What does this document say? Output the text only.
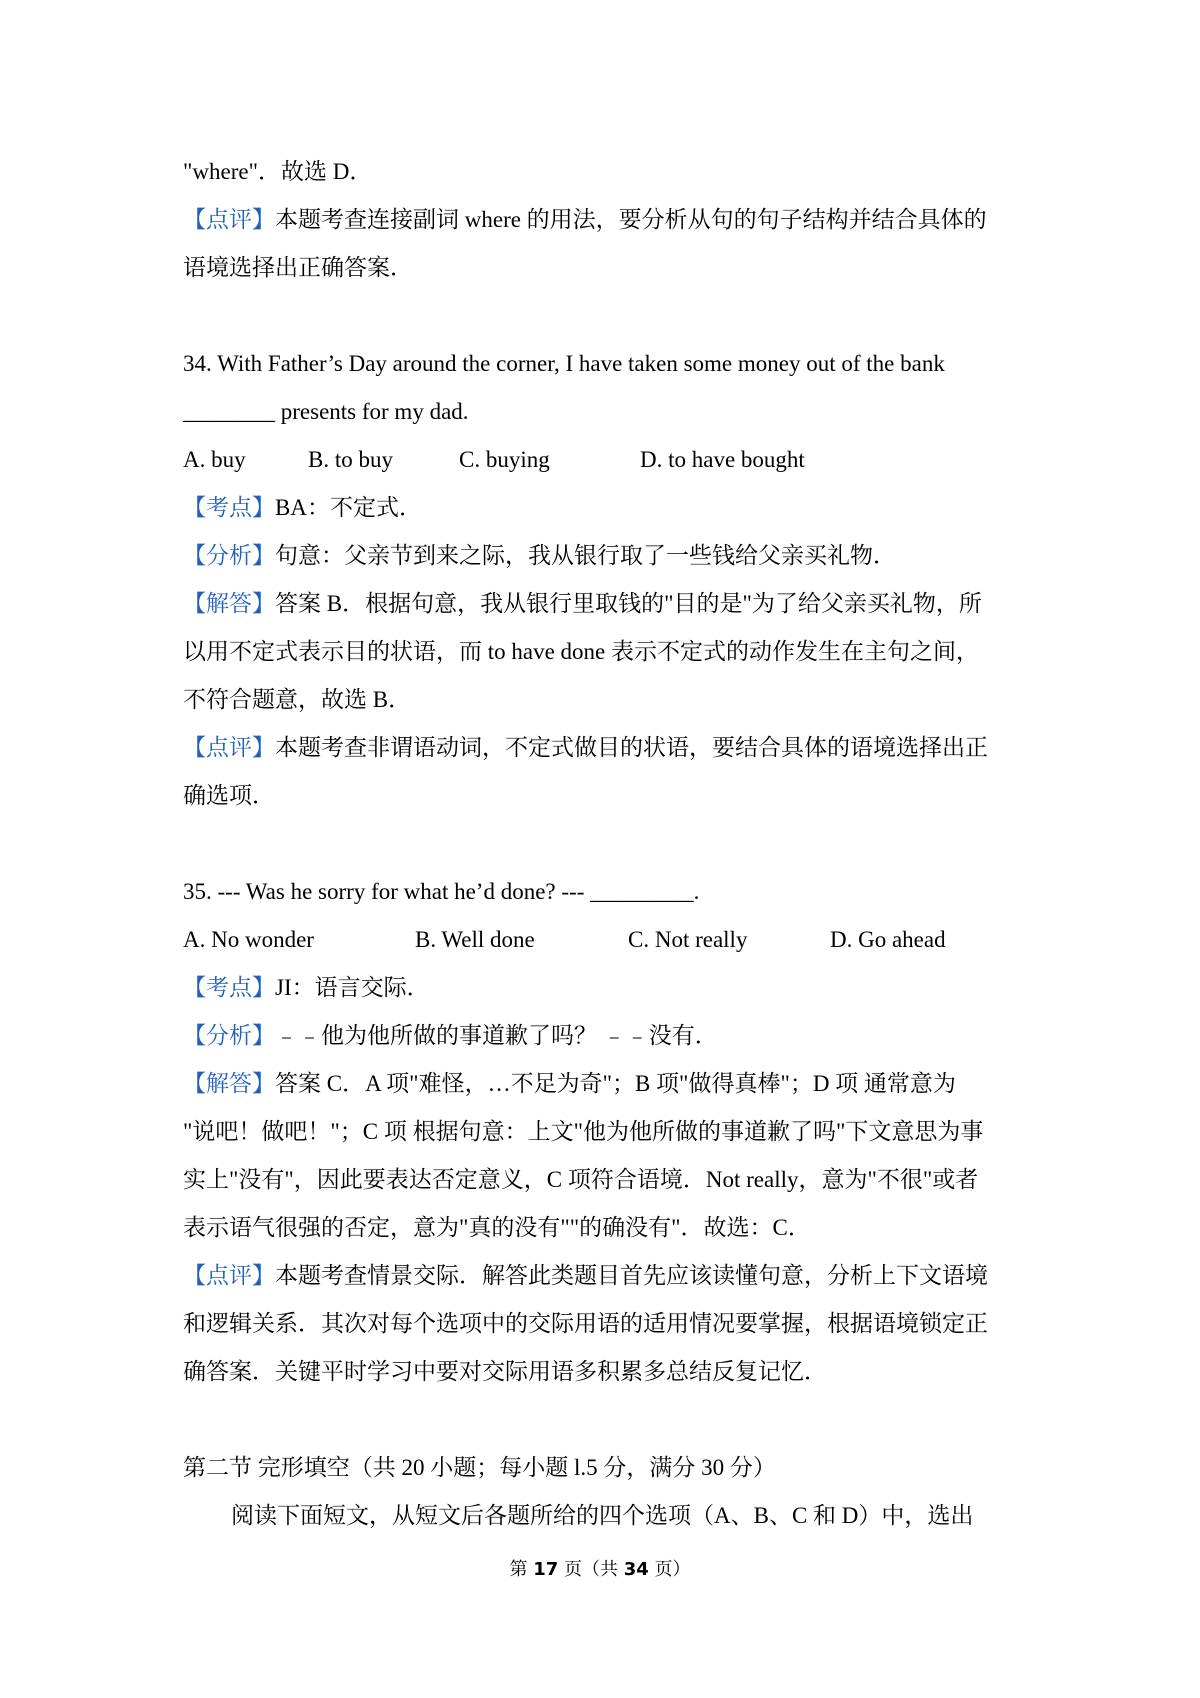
"where"．故选 D．
【点评】本题考查连接副词 where 的用法，要分析从句的句子结构并结合具体的
语境选择出正确答案．
34. With Father’s Day around the corner, I have taken some money out of the bank
________ presents for my dad.
A. buy	B. to buy	C. buying	D. to have bought
【考点】BA：不定式．
【分析】句意：父亲节到来之际，我从银行取了一些钱给父亲买礼物．
【解答】答案 B．根据句意，我从银行里取钱的"目的是"为了给父亲买礼物，所
以用不定式表示目的状语，而 to have done 表示不定式的动作发生在主句之间，
不符合题意，故选 B．
【点评】本题考查非谓语动词，不定式做目的状语，要结合具体的语境选择出正
确选项．
35. --- Was he sorry for what he’d done? --- _________.
A. No wonder	B. Well done	C. Not really	D. Go ahead
【考点】JI：语言交际．
【分析】﹣﹣他为他所做的事道歉了吗？ ﹣﹣没有．
【解答】答案 C．A 项"难怪，…不足为奇"；B 项"做得真棒"；D 项 通常意为
"说吧！做吧！"；C 项 根据句意：上文"他为他所做的事道歉了吗"下文意思为事
实上"没有"，因此要表达否定意义，C 项符合语境．Not really，意为"不很"或者
表示语气很强的否定，意为"真的没有""的确没有"．故选：C．
【点评】本题考查情景交际．解答此类题目首先应该读懂句意，分析上下文语境
和逻辑关系．其次对每个选项中的交际用语的适用情况要掌握，根据语境锁定正
确答案．关键平时学习中要对交际用语多积累多总结反复记忆．
第二节 完形填空（共 20 小题；每小题 l.5 分，满分 30 分）
阅读下面短文，从短文后各题所给的四个选项（A、B、C 和 D）中，选出
第 17 页（共 34 页）
